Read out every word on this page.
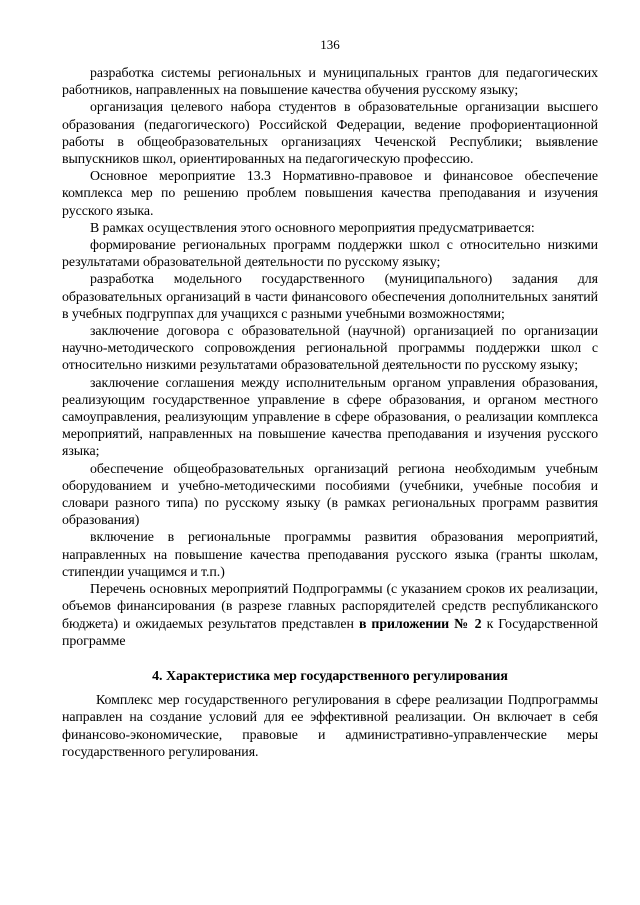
136

разработка системы региональных и муниципальных грантов для педагогических работников, направленных на повышение качества обучения русскому языку;

организация целевого набора студентов в образовательные организации высшего образования (педагогического) Российской Федерации, ведение профориентационной работы в общеобразовательных организациях Чеченской Республики; выявление выпускников школ, ориентированных на педагогическую профессию.

Основное мероприятие 13.3 Нормативно-правовое и финансовое обеспечение комплекса мер по решению проблем повышения качества преподавания и изучения русского языка.

В рамках осуществления этого основного мероприятия предусматривается:

формирование региональных программ поддержки школ с относительно низкими результатами образовательной деятельности по русскому языку;

разработка модельного государственного (муниципального) задания для образовательных организаций в части финансового обеспечения дополнительных занятий в учебных подгруппах для учащихся с разными учебными возможностями;

заключение договора с образовательной (научной) организацией по организации научно-методического сопровождения региональной программы поддержки школ с относительно низкими результатами образовательной деятельности по русскому языку;

заключение соглашения между исполнительным органом управления образования, реализующим государственное управление в сфере образования, и органом местного самоуправления, реализующим управление в сфере образования, о реализации комплекса мероприятий, направленных на повышение качества преподавания и изучения русского языка;

обеспечение общеобразовательных организаций региона необходимым учебным оборудованием и учебно-методическими пособиями (учебники, учебные пособия и словари разного типа) по русскому языку (в рамках региональных программ развития образования)

включение в региональные программы развития образования мероприятий, направленных на повышение качества преподавания русского языка (гранты школам, стипендии учащимся и т.п.)

Перечень основных мероприятий Подпрограммы (с указанием сроков их реализации, объемов финансирования (в разрезе главных распорядителей средств республиканского бюджета) и ожидаемых результатов представлен в приложении № 2 к Государственной программе

4. Характеристика мер государственного регулирования

Комплекс мер государственного регулирования в сфере реализации Подпрограммы направлен на создание условий для ее эффективной реализации. Он включает в себя финансово-экономические, правовые и административно-управленческие меры государственного регулирования.
